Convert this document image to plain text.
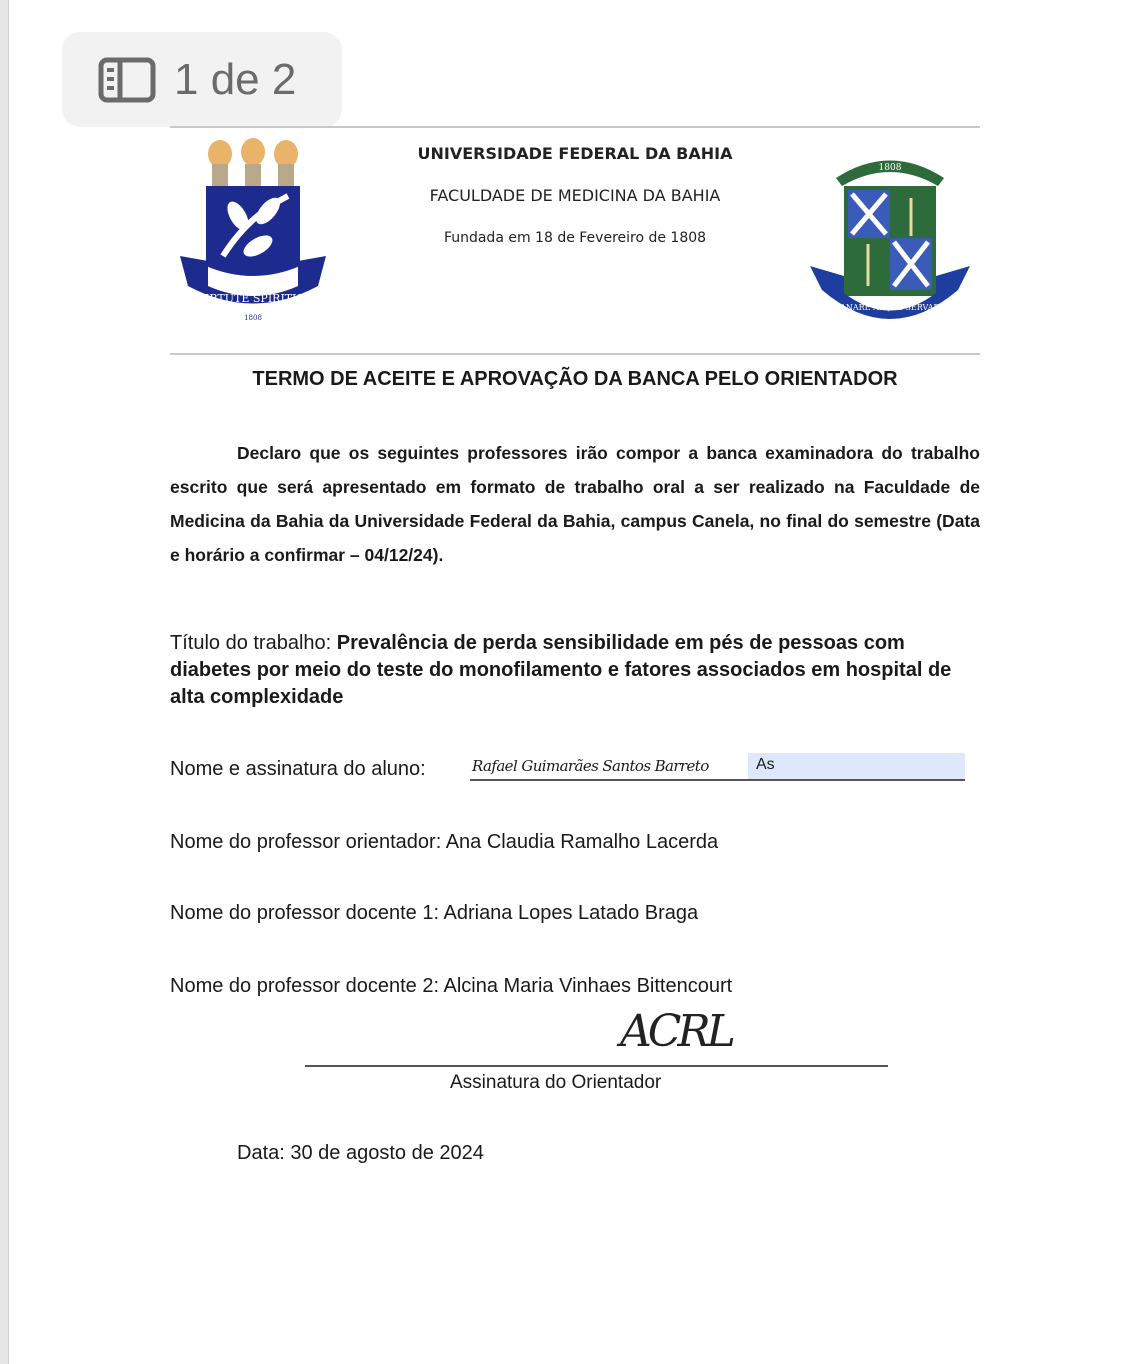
1 de 2
VIRTUTE SPIRITUS
1808
UNIVERSIDADE FEDERAL DA BAHIA
FACULDADE DE MEDICINA DA BAHIA
Fundada em 18 de Fevereiro de 1808
1808
SANARE ATQUE SERVARE
TERMO DE ACEITE E APROVAÇÃO DA BANCA PELO ORIENTADOR
Declaro que os seguintes professores irão compor a banca examinadora do trabalho escrito que será apresentado em formato de trabalho oral a ser realizado na Faculdade de Medicina da Bahia da Universidade Federal da Bahia, campus Canela, no final do semestre (Data e horário a confirmar – 04/12/24).
Título do trabalho: Prevalência de perda sensibilidade em pés de pessoas com diabetes por meio do teste do monofilamento e fatores associados em hospital de alta complexidade
Nome e assinatura do aluno:	Rafael Guimarães Santos Barreto	As
Nome do professor orientador: Ana Claudia Ramalho Lacerda
Nome do professor docente 1: Adriana Lopes Latado Braga
Nome do professor docente 2: Alcina Maria Vinhaes Bittencourt
ACRL
Assinatura do Orientador
Data: 30 de agosto de 2024
